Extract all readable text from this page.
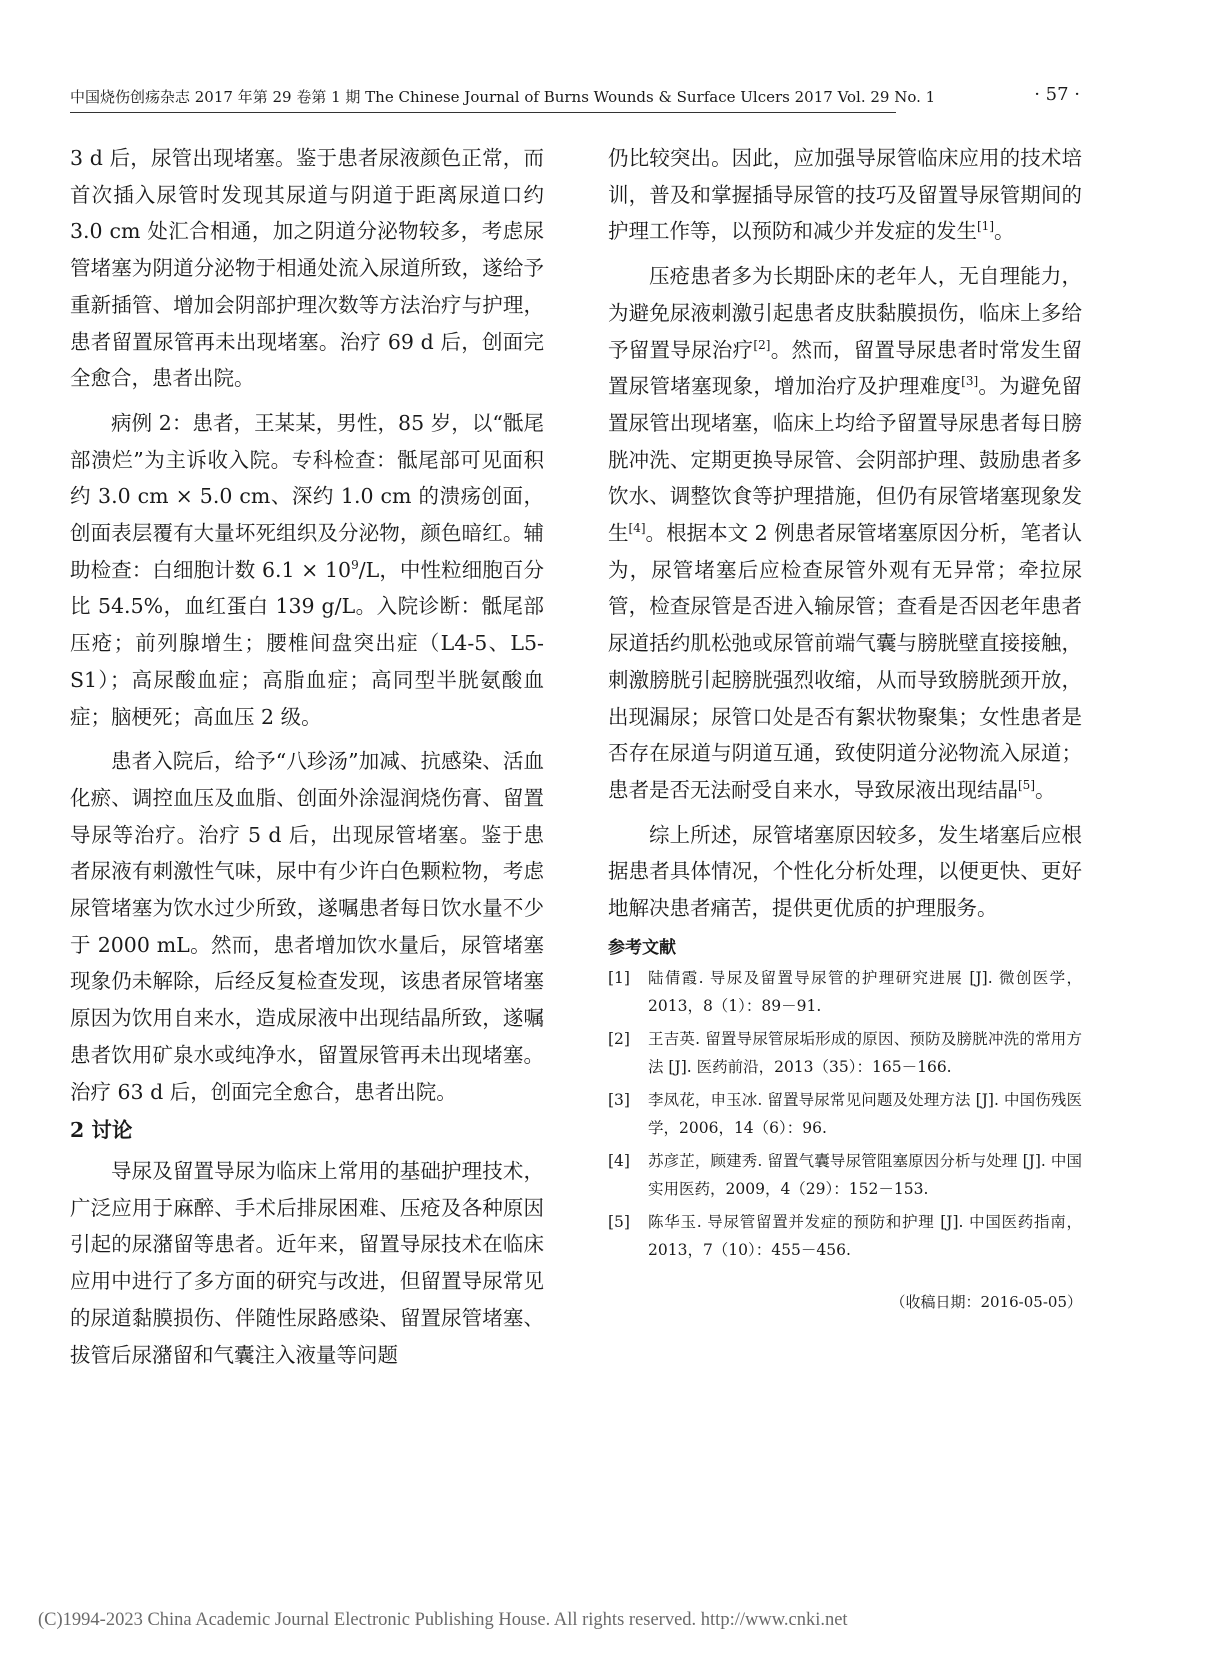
中国烧伤创疡杂志 2017 年第 29 卷第 1 期 The Chinese Journal of Burns Wounds & Surface Ulcers 2017 Vol. 29 No. 1	· 57 ·

3 d 后，尿管出现堵塞。鉴于患者尿液颜色正常，而首次插入尿管时发现其尿道与阴道于距离尿道口约 3.0 cm 处汇合相通，加之阴道分泌物较多，考虑尿管堵塞为阴道分泌物于相通处流入尿道所致，遂给予重新插管、增加会阴部护理次数等方法治疗与护理，患者留置尿管再未出现堵塞。治疗 69 d 后，创面完全愈合，患者出院。

病例 2：患者，王某某，男性，85 岁，以“骶尾部溃烂”为主诉收入院。专科检查：骶尾部可见面积约 3.0 cm × 5.0 cm、深约 1.0 cm 的溃疡创面，创面表层覆有大量坏死组织及分泌物，颜色暗红。辅助检查：白细胞计数 $6.1 \times 10^9/L$，中性粒细胞百分比 54.5%，血红蛋白 139 g/L。入院诊断：骶尾部压疮；前列腺增生；腰椎间盘突出症（L4-5、L5-S1）；高尿酸血症；高脂血症；高同型半胱氨酸血症；脑梗死；高血压 2 级。

患者入院后，给予“八珍汤”加减、抗感染、活血化瘀、调控血压及血脂、创面外涂湿润烧伤膏、留置导尿等治疗。治疗 5 d 后，出现尿管堵塞。鉴于患者尿液有刺激性气味，尿中有少许白色颗粒物，考虑尿管堵塞为饮水过少所致，遂嘱患者每日饮水量不少于 2000 mL。然而，患者增加饮水量后，尿管堵塞现象仍未解除，后经反复检查发现，该患者尿管堵塞原因为饮用自来水，造成尿液中出现结晶所致，遂嘱患者饮用矿泉水或纯净水，留置尿管再未出现堵塞。治疗 63 d 后，创面完全愈合，患者出院。

2 讨论

导尿及留置导尿为临床上常用的基础护理技术，广泛应用于麻醉、手术后排尿困难、压疮及各种原因引起的尿潴留等患者。近年来，留置导尿技术在临床应用中进行了多方面的研究与改进，但留置导尿常见的尿道黏膜损伤、伴随性尿路感染、留置尿管堵塞、拔管后尿潴留和气囊注入液量等问题

仍比较突出。因此，应加强导尿管临床应用的技术培训，普及和掌握插导尿管的技巧及留置导尿管期间的护理工作等，以预防和减少并发症的发生[1]。

压疮患者多为长期卧床的老年人，无自理能力，为避免尿液刺激引起患者皮肤黏膜损伤，临床上多给予留置导尿治疗[2]。然而，留置导尿患者时常发生留置尿管堵塞现象，增加治疗及护理难度[3]。为避免留置尿管出现堵塞，临床上均给予留置导尿患者每日膀胱冲洗、定期更换导尿管、会阴部护理、鼓励患者多饮水、调整饮食等护理措施，但仍有尿管堵塞现象发生[4]。根据本文 2 例患者尿管堵塞原因分析，笔者认为，尿管堵塞后应检查尿管外观有无异常；牵拉尿管，检查尿管是否进入输尿管；查看是否因老年患者尿道括约肌松弛或尿管前端气囊与膀胱壁直接接触，刺激膀胱引起膀胱强烈收缩，从而导致膀胱颈开放，出现漏尿；尿管口处是否有絮状物聚集；女性患者是否存在尿道与阴道互通，致使阴道分泌物流入尿道；患者是否无法耐受自来水，导致尿液出现结晶[5]。

综上所述，尿管堵塞原因较多，发生堵塞后应根据患者具体情况，个性化分析处理，以便更快、更好地解决患者痛苦，提供更优质的护理服务。

参考文献
[1] 陆倩霞. 导尿及留置导尿管的护理研究进展 [J]. 微创医学，2013，8（1）：89－91.
[2] 王吉英. 留置导尿管尿垢形成的原因、预防及膀胱冲洗的常用方法 [J]. 医药前沿，2013（35）：165－166.
[3] 李凤花，申玉冰. 留置导尿常见问题及处理方法 [J]. 中国伤残医学，2006，14（6）：96.
[4] 苏彦芷，顾建秀. 留置气囊导尿管阻塞原因分析与处理 [J]. 中国实用医药，2009，4（29）：152－153.
[5] 陈华玉. 导尿管留置并发症的预防和护理 [J]. 中国医药指南，2013，7（10）：455－456.
（收稿日期：2016-05-05）
(C)1994-2023 China Academic Journal Electronic Publishing House. All rights reserved. http://www.cnki.net
